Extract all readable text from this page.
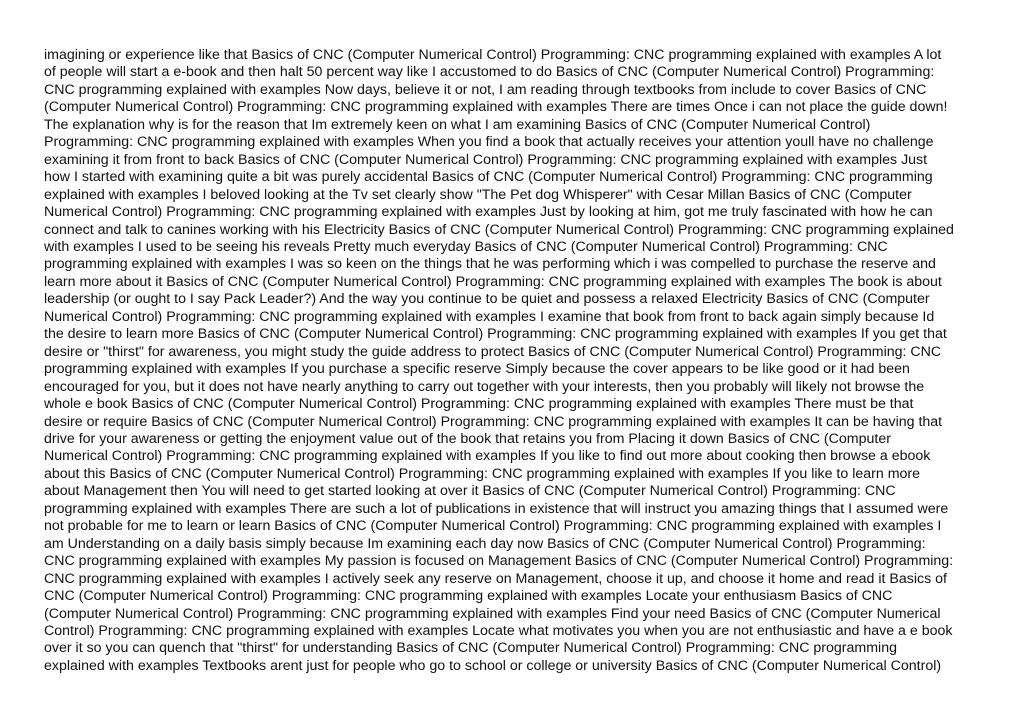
imagining or experience like that Basics of CNC (Computer Numerical Control) Programming: CNC programming explained with examples A lot
of people will start a e-book and then halt 50 percent way like I accustomed to do Basics of CNC (Computer Numerical Control) Programming:
CNC programming explained with examples Now days, believe it or not, I am reading through textbooks from include to cover Basics of CNC
(Computer Numerical Control) Programming: CNC programming explained with examples There are times Once i can not place the guide down!
The explanation why is for the reason that Im extremely keen on what I am examining Basics of CNC (Computer Numerical Control)
Programming: CNC programming explained with examples When you find a book that actually receives your attention youll have no challenge
examining it from front to back Basics of CNC (Computer Numerical Control) Programming: CNC programming explained with examples Just
how I started with examining quite a bit was purely accidental Basics of CNC (Computer Numerical Control) Programming: CNC programming
explained with examples I beloved looking at the Tv set clearly show "The Pet dog Whisperer" with Cesar Millan Basics of CNC (Computer
Numerical Control) Programming: CNC programming explained with examples Just by looking at him, got me truly fascinated with how he can
connect and talk to canines working with his Electricity Basics of CNC (Computer Numerical Control) Programming: CNC programming explained
with examples I used to be seeing his reveals Pretty much everyday Basics of CNC (Computer Numerical Control) Programming: CNC
programming explained with examples I was so keen on the things that he was performing which i was compelled to purchase the reserve and
learn more about it Basics of CNC (Computer Numerical Control) Programming: CNC programming explained with examples The book is about
leadership (or ought to I say Pack Leader?) And the way you continue to be quiet and possess a relaxed Electricity Basics of CNC (Computer
Numerical Control) Programming: CNC programming explained with examples I examine that book from front to back again simply because Id
the desire to learn more Basics of CNC (Computer Numerical Control) Programming: CNC programming explained with examples If you get that
desire or "thirst" for awareness, you might study the guide address to protect Basics of CNC (Computer Numerical Control) Programming: CNC
programming explained with examples If you purchase a specific reserve Simply because the cover appears to be like good or it had been
encouraged for you, but it does not have nearly anything to carry out together with your interests, then you probably will likely not browse the
whole e book Basics of CNC (Computer Numerical Control) Programming: CNC programming explained with examples There must be that
desire or require Basics of CNC (Computer Numerical Control) Programming: CNC programming explained with examples It can be having that
drive for your awareness or getting the enjoyment value out of the book that retains you from Placing it down Basics of CNC (Computer
Numerical Control) Programming: CNC programming explained with examples If you like to find out more about cooking then browse a ebook
about this Basics of CNC (Computer Numerical Control) Programming: CNC programming explained with examples If you like to learn more
about Management then You will need to get started looking at over it Basics of CNC (Computer Numerical Control) Programming: CNC
programming explained with examples There are such a lot of publications in existence that will instruct you amazing things that I assumed were
not probable for me to learn or learn Basics of CNC (Computer Numerical Control) Programming: CNC programming explained with examples I
am Understanding on a daily basis simply because Im examining each day now Basics of CNC (Computer Numerical Control) Programming:
CNC programming explained with examples My passion is focused on Management Basics of CNC (Computer Numerical Control) Programming:
CNC programming explained with examples I actively seek any reserve on Management, choose it up, and choose it home and read it Basics of
CNC (Computer Numerical Control) Programming: CNC programming explained with examples Locate your enthusiasm Basics of CNC
(Computer Numerical Control) Programming: CNC programming explained with examples Find your need Basics of CNC (Computer Numerical
Control) Programming: CNC programming explained with examples Locate what motivates you when you are not enthusiastic and have a e book
over it so you can quench that "thirst" for understanding Basics of CNC (Computer Numerical Control) Programming: CNC programming
explained with examples Textbooks arent just for people who go to school or college or university Basics of CNC (Computer Numerical Control)
